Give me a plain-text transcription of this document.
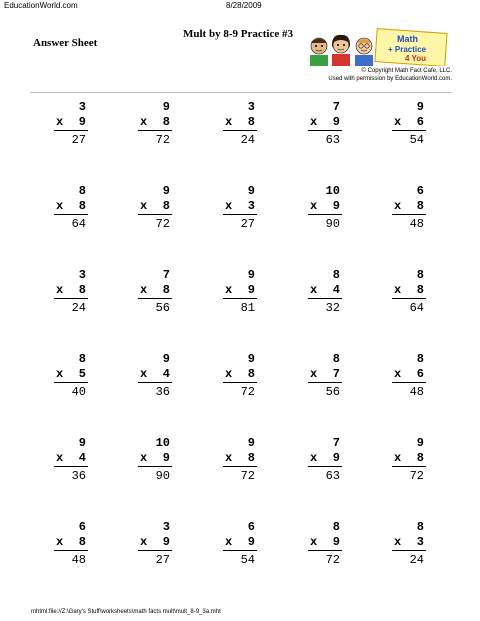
EducationWorld.com	8/28/2009
Answer Sheet
Mult by 8-9 Practice #3	Math
+ Practice
4 You
© Copyright Math Fact Cafe, LLC.
Used with permission by EducationWorld.com.
3
x 9
27
9
x 8
72
3
x 8
24
7
x 9
63
9
x 6
54
8
x 8
64
9
x 8
72
9
x 3
27
10
x 9
90
6
x 8
48
3
x 8
24
7
x 8
56
9
x 9
81
8
x 4
32
8
x 8
64
8
x 5
40
9
x 4
36
9
x 8
72
8
x 7
56
8
x 6
48
9
x 4
36
10
x 9
90
9
x 8
72
7
x 9
63
9
x 8
72
6
x 8
48
3
x 9
27
6
x 9
54
8
x 9
72
8
x 3
24
mhtml:file://Z:\Gary's Stuff\worksheets\math facts mult\mult_8-9_3a.mht
